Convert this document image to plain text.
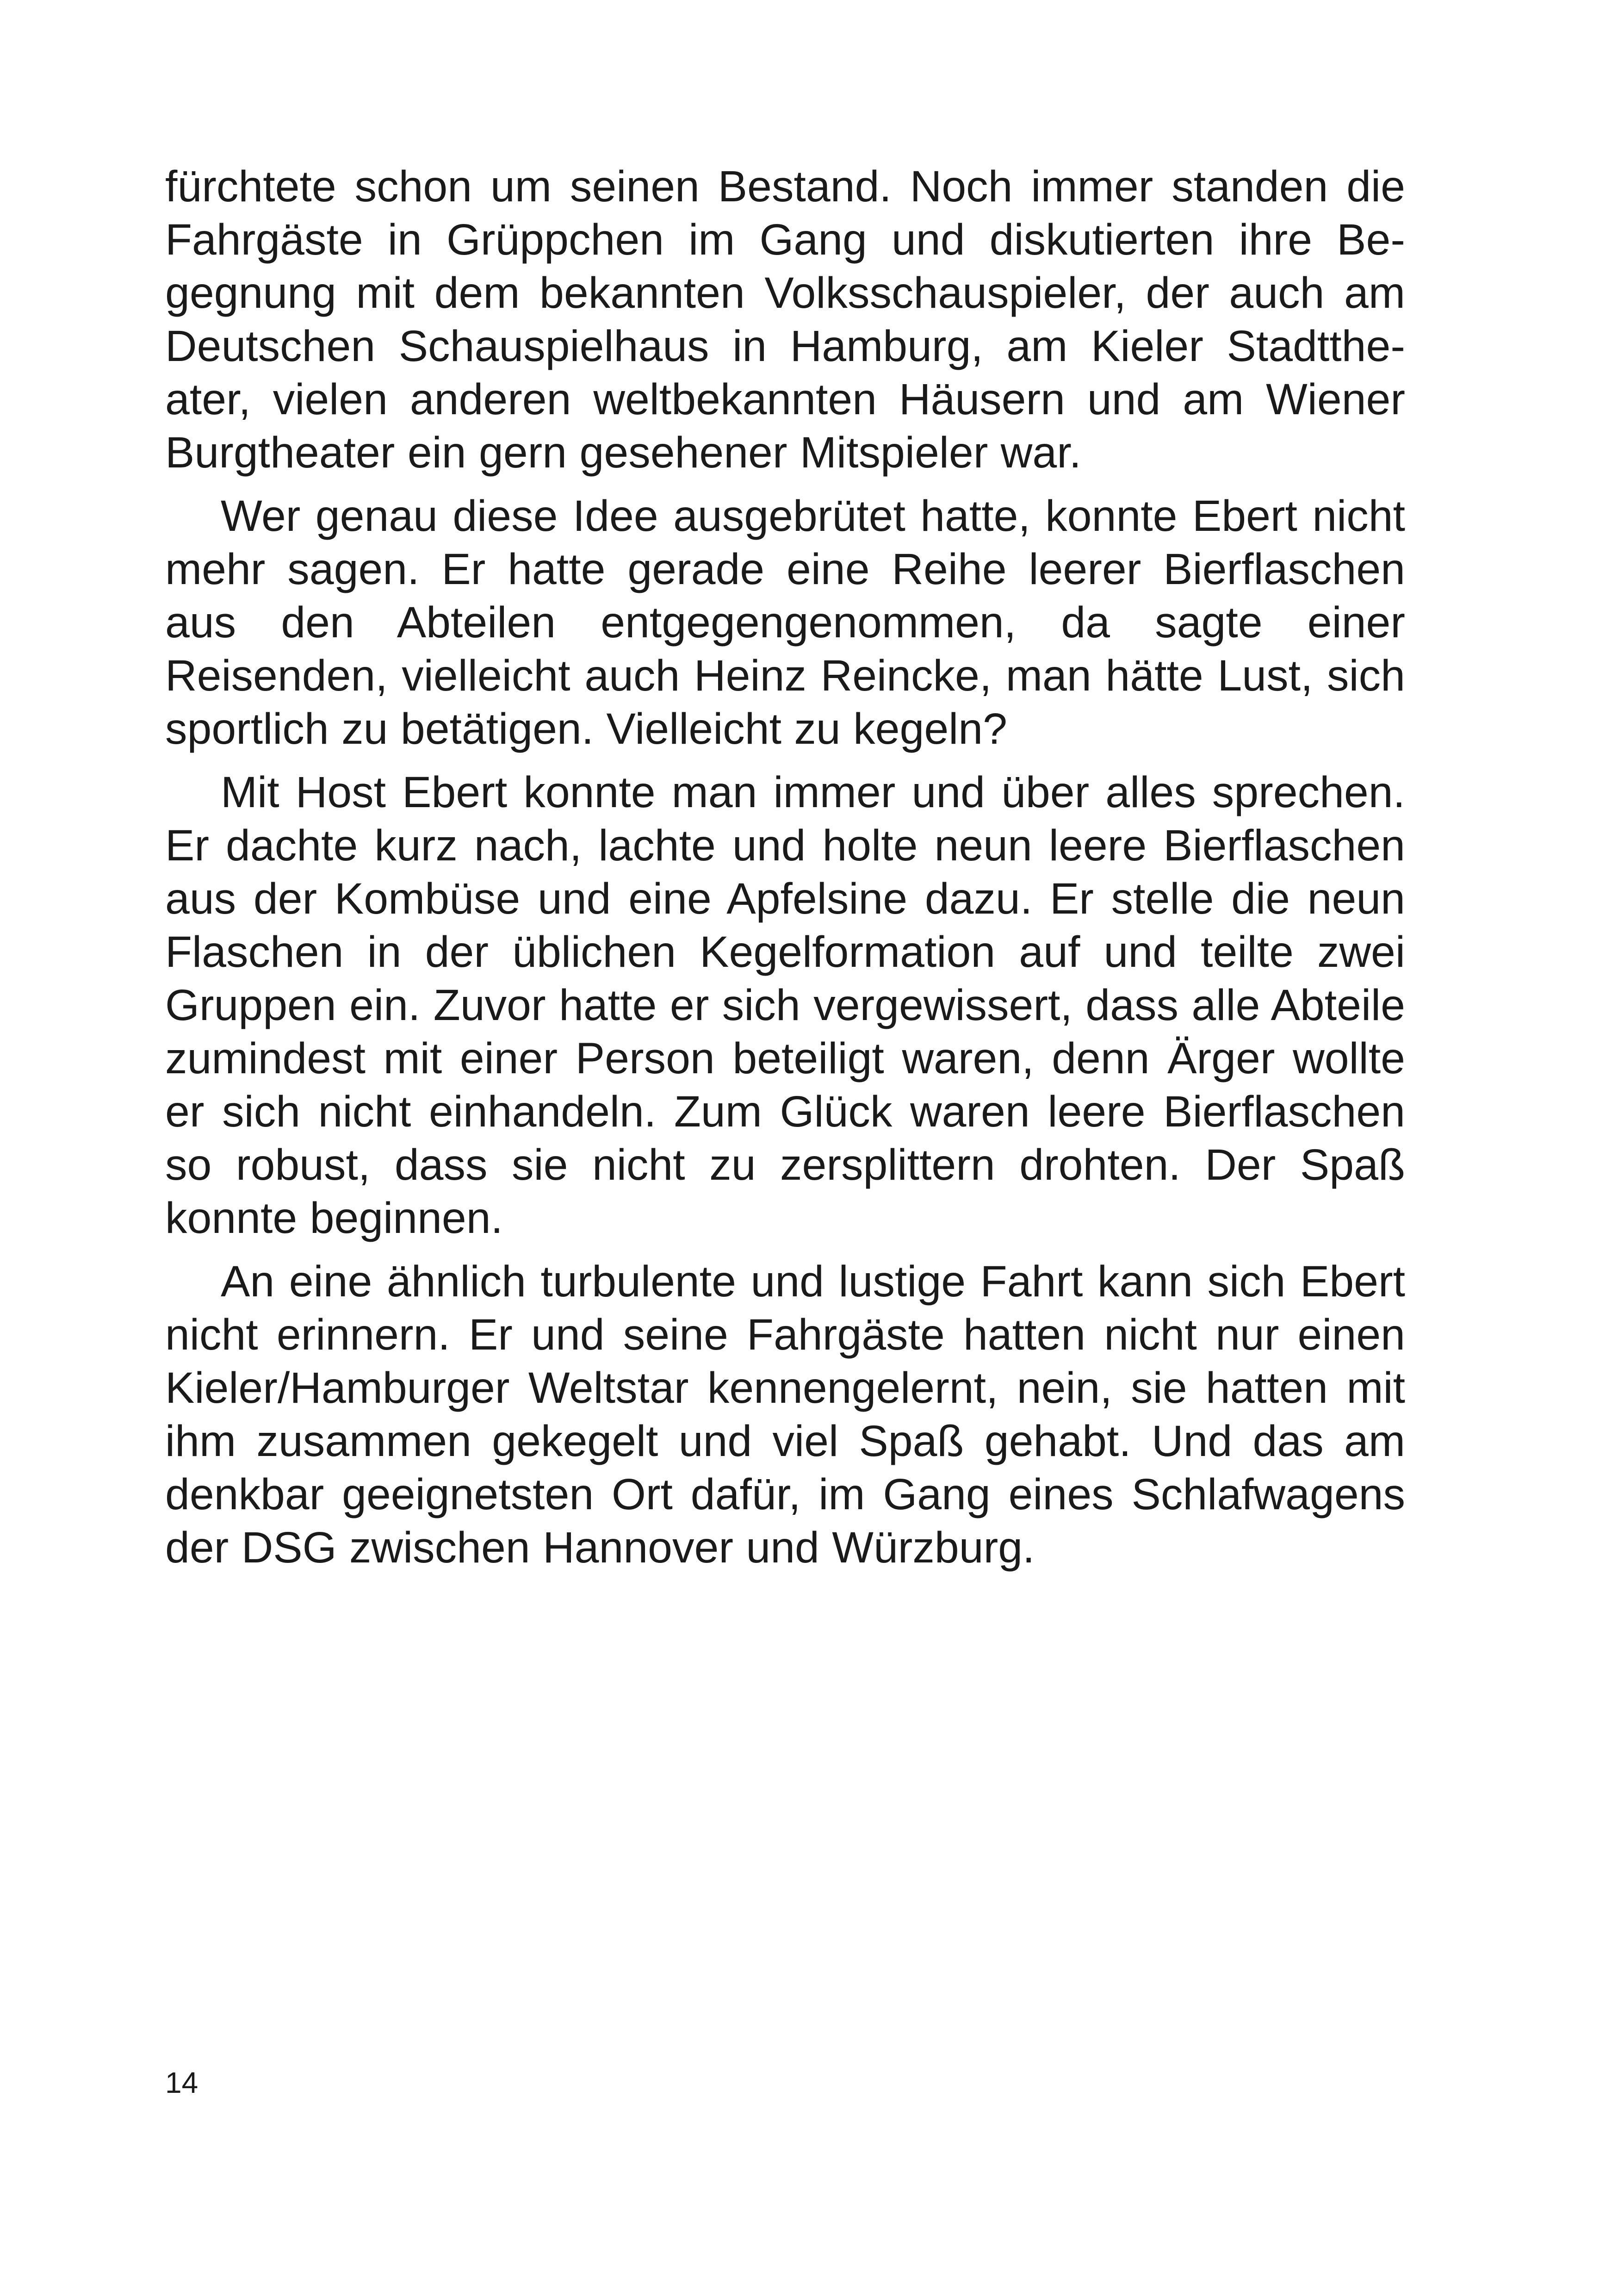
fürchtete schon um seinen Bestand. Noch immer standen die Fahrgäste in Grüppchen im Gang und diskutierten ihre Begegnung mit dem bekannten Volksschauspieler, der auch am Deutschen Schauspielhaus in Hamburg, am Kieler Stadttheater, vielen anderen weltbekannten Häusern und am Wiener Burgtheater ein gern gesehener Mitspieler war.

Wer genau diese Idee ausgebrütet hatte, konnte Ebert nicht mehr sagen. Er hatte gerade eine Reihe leerer Bierflaschen aus den Abteilen entgegengenommen, da sagte einer Reisenden, vielleicht auch Heinz Reincke, man hätte Lust, sich sportlich zu betätigen. Vielleicht zu kegeln?

Mit Host Ebert konnte man immer und über alles sprechen. Er dachte kurz nach, lachte und holte neun leere Bierflaschen aus der Kombüse und eine Apfelsine dazu. Er stelle die neun Flaschen in der üblichen Kegelformation auf und teilte zwei Gruppen ein. Zuvor hatte er sich vergewissert, dass alle Abteile zumindest mit einer Person beteiligt waren, denn Ärger wollte er sich nicht einhandeln. Zum Glück waren leere Bierflaschen so robust, dass sie nicht zu zersplittern drohten. Der Spaß konnte beginnen.

An eine ähnlich turbulente und lustige Fahrt kann sich Ebert nicht erinnern. Er und seine Fahrgäste hatten nicht nur einen Kieler/Hamburger Weltstar kennengelernt, nein, sie hatten mit ihm zusammen gekegelt und viel Spaß gehabt. Und das am denkbar geeignetsten Ort dafür, im Gang eines Schlafwagens der DSG zwischen Hannover und Würzburg.

14
